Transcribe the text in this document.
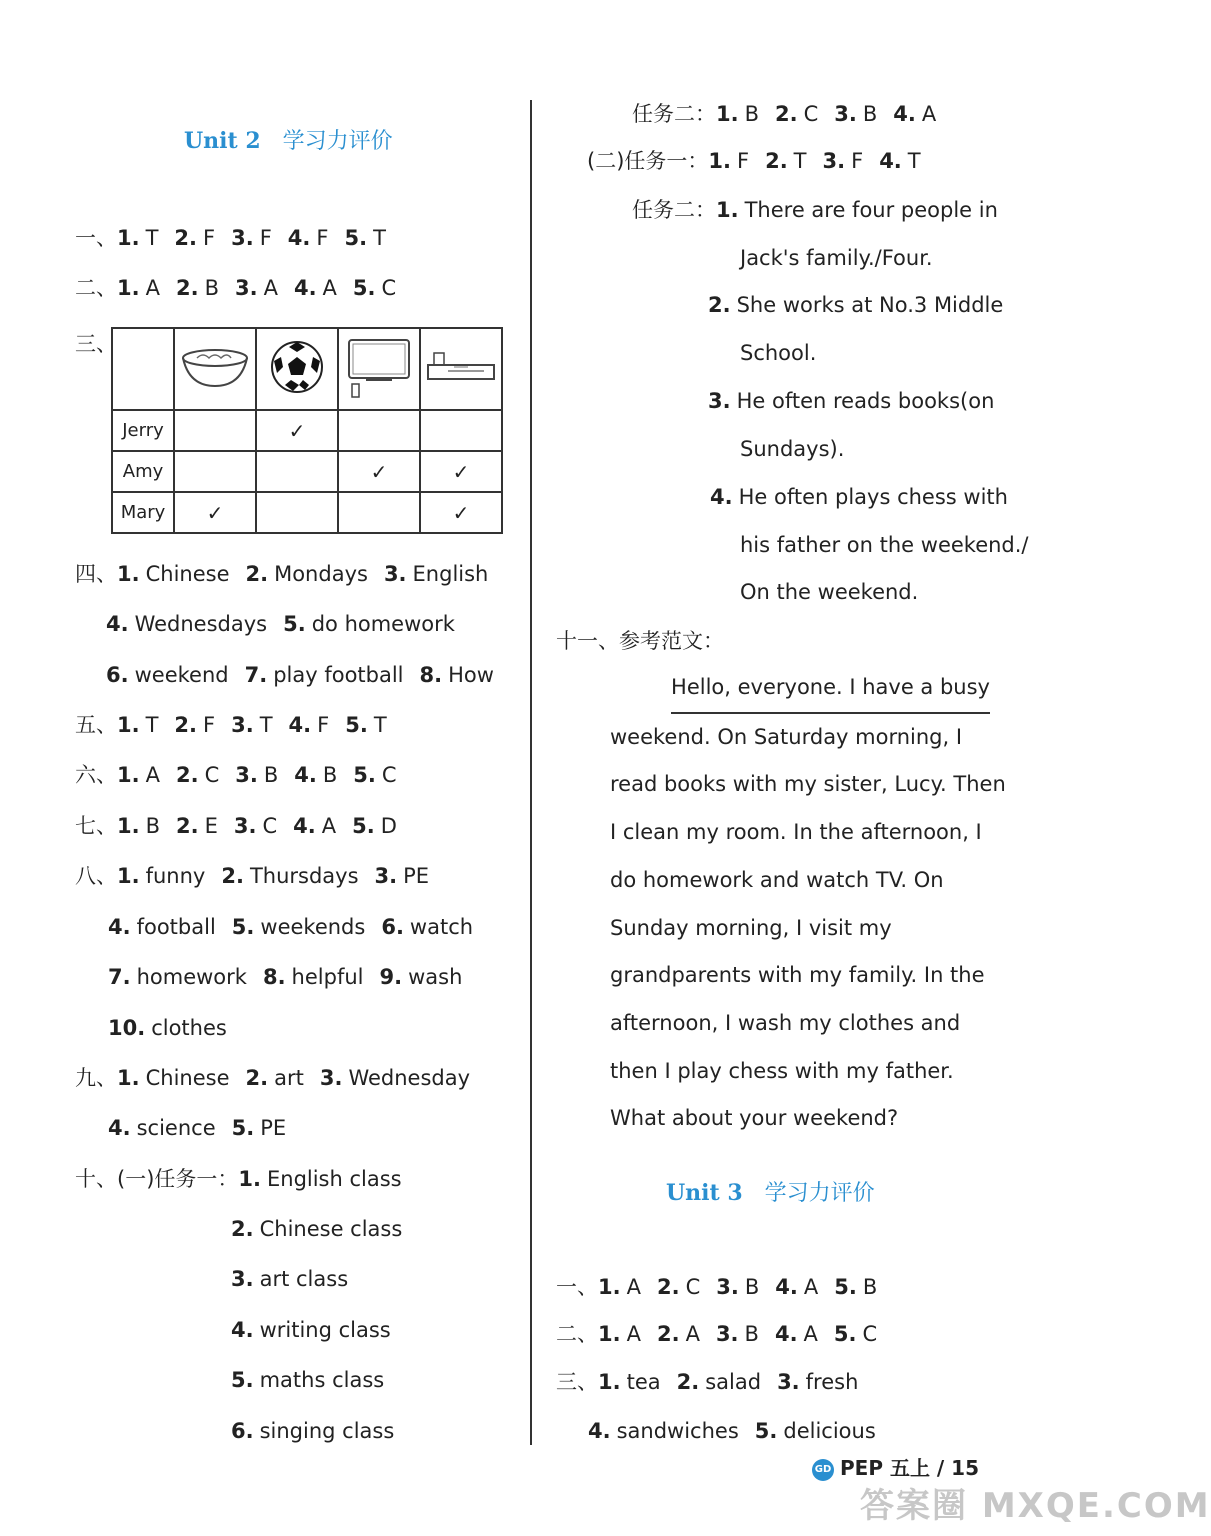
Unit 2 学习力评价
一、1. T 2. F 3. F 4. F 5. T
二、1. A 2. B 3. A 4. A 5. C
三、

Jerry		✓		
Amy			✓	✓
Mary	✓			✓
四、1. Chinese 2. Mondays 3. English
4. Wednesdays 5. do homework
6. weekend 7. play football 8. How
五、1. T 2. F 3. T 4. F 5. T
六、1. A 2. C 3. B 4. B 5. C
七、1. B 2. E 3. C 4. A 5. D
八、1. funny 2. Thursdays 3. PE
4. football 5. weekends 6. watch
7. homework 8. helpful 9. wash
10. clothes
九、1. Chinese 2. art 3. Wednesday
4. science 5. PE
十、(一)任务一：1. English class
2. Chinese class
3. art class
4. writing class
5. maths class
6. singing class
任务二：1. B 2. C 3. B 4. A
(二)任务一：1. F 2. T 3. F 4. T
任务二：1. There are four people in
Jack's family./Four.
2. She works at No.3 Middle
School.
3. He often reads books(on
Sundays).
4. He often plays chess with
his father on the weekend./
On the weekend.
十一、参考范文：
Hello, everyone. I have a busy
weekend. On Saturday morning, I
read books with my sister, Lucy. Then
I clean my room. In the afternoon, I
do homework and watch TV. On
Sunday morning, I visit my
grandparents with my family. In the
afternoon, I wash my clothes and
then I play chess with my father.
What about your weekend?
Unit 3 学习力评价
一、1. A 2. C 3. B 4. A 5. B
二、1. A 2. A 3. B 4. A 5. C
三、1. tea 2. salad 3. fresh
4. sandwiches 5. delicious
GD PEP 五上 / 15
答案圈 MXQE.COM
